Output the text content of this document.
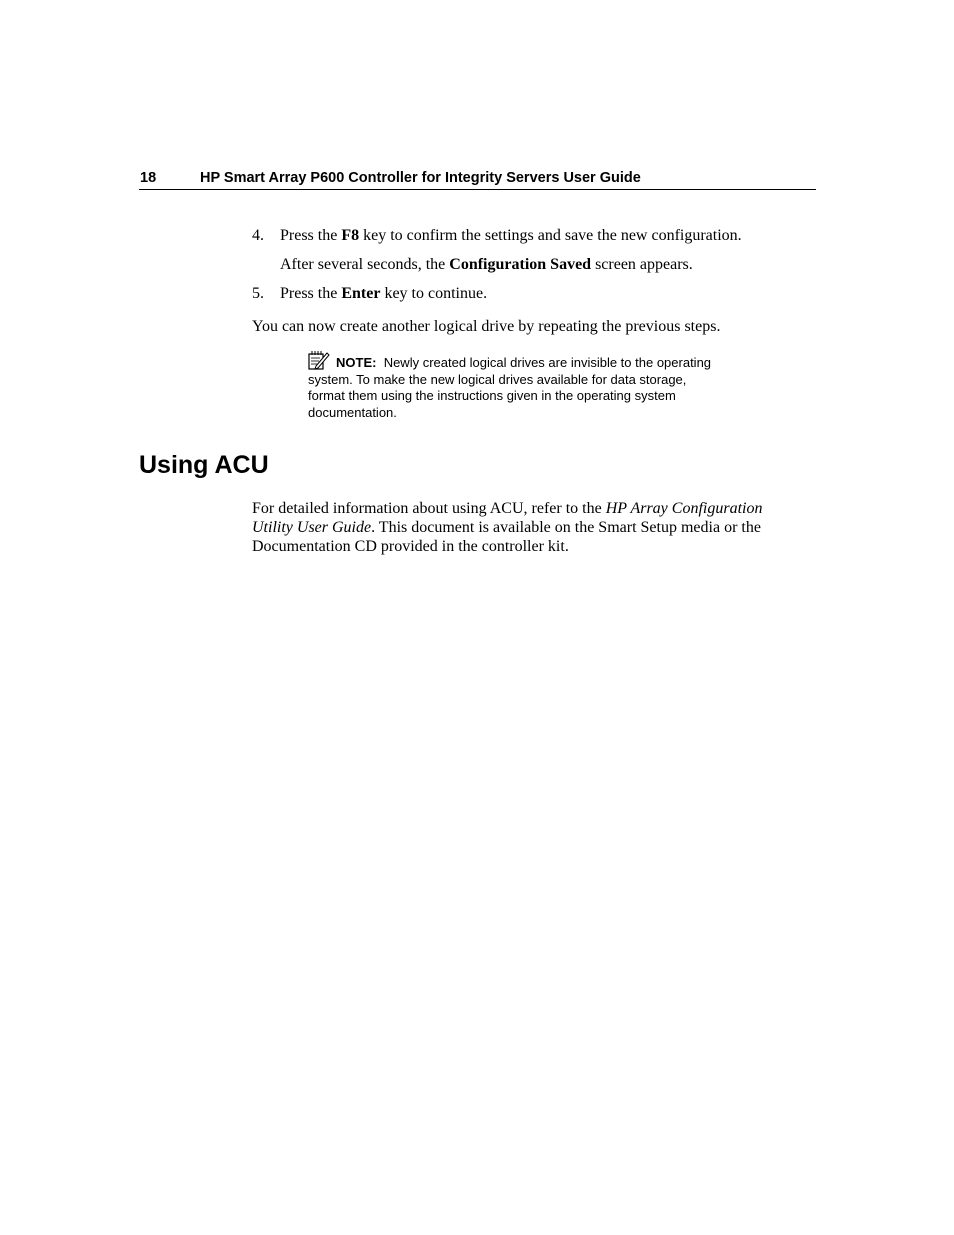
18	HP Smart Array P600 Controller for Integrity Servers User Guide
4. Press the F8 key to confirm the settings and save the new configuration.
After several seconds, the Configuration Saved screen appears.
5. Press the Enter key to continue.
You can now create another logical drive by repeating the previous steps.
NOTE: Newly created logical drives are invisible to the operating
system. To make the new logical drives available for data storage,
format them using the instructions given in the operating system
documentation.
Using ACU
For detailed information about using ACU, refer to the HP Array Configuration
Utility User Guide. This document is available on the Smart Setup media or the
Documentation CD provided in the controller kit.
